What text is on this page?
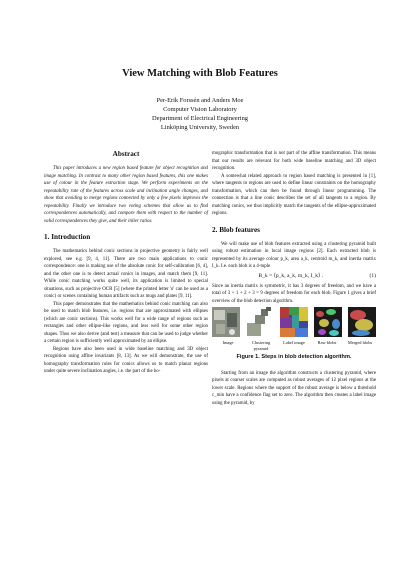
View Matching with Blob Features
Per-Erik Forssén and Anders Moe
Computer Vision Laboratory
Department of Electrical Engineering
Linköping University, Sweden

Abstract

This paper introduces a new region based feature for object recognition and image matching. In contrast to many other region based features, this one makes use of colour in the feature extraction stage. We perform experiments on the repeatability rate of the features across scale and inclination angle changes, and show that avoiding to merge regions connected by only a few pixels improves the repeatability. Finally we introduce two voting schemes that allow us to find correspondences automatically, and compare them with respect to the number of valid correspondences they give, and their inlier ratios.

1. Introduction

The mathematics behind conic sections in projective geometry is fairly well explored, see e.g. [9, 4, 11]. There are two main applications to conic correspondence: one is making use of the absolute conic for self-calibration [6, 4], and the other one is to detect actual conics in images, and match them [9, 11]. While conic matching works quite well, its application is limited to special situations, such as projective OCR [5] (where the printed letter 'o' can be used as a conic) or scenes containing human artifacts such as mugs and plates [9, 11].

This paper demonstrates that the mathematics behind conic matching can also be used to match blob features, i.e. regions that are approximated with ellipses (which are conic sections). This works well for a wide range of regions such as rectangles and other ellipse-like regions, and less well for some other region shapes. Thus we also derive (and test) a measure that can be used to judge whether a certain region is sufficiently well approximated by an ellipse.

Regions have also been used in wide baseline matching and 3D object recognition using affine invariants [8, 13]. As we will demonstrate, the use of homography transformation rules for conics allows us to match planar regions under quite severe inclination angles, i.e. the part of the ho-

mographic transformation that is not part of the affine transformation. This means that our results are relevant for both wide baseline matching and 3D object recognition.

A somewhat related approach to region based matching is presented in [1], where tangents to regions are used to define linear constraints on the homography transformation, which can then be found through linear programming. The connection is that a line conic describes the set of all tangents to a region. By matching conics, we thus implicitly match the tangents of the ellipse-approximated regions.

2. Blob features

We will make use of blob features extracted using a clustering pyramid built using robust estimation in local image regions [2]. Each extracted blob is represented by its average colour p_k, area a_k, centroid m_k, and inertia matrix I_k. I.e. each blob is a 4-tuple

B_k = ⟨p_k, a_k, m_k, I_k⟩ .	(1)

Since an inertia matrix is symmetric, it has 3 degrees of freedom, and we have a total of 3 + 1 + 2 + 3 = 9 degrees of freedom for each blob. Figure 1 gives a brief overview of the blob detection algorithm.

Image	Clustering pyramid
Label image	Raw blobs	Merged blobs
Figure 1. Steps in blob detection algorithm.

Starting from an image the algorithm constructs a clustering pyramid, where pixels at coarser scales are computed as robust averages of 12 pixel regions at the lower scale. Regions where the support of the robust average is below a threshold c_min have a confidence flag set to zero. The algorithm then creates a label image using the pyramid, by
